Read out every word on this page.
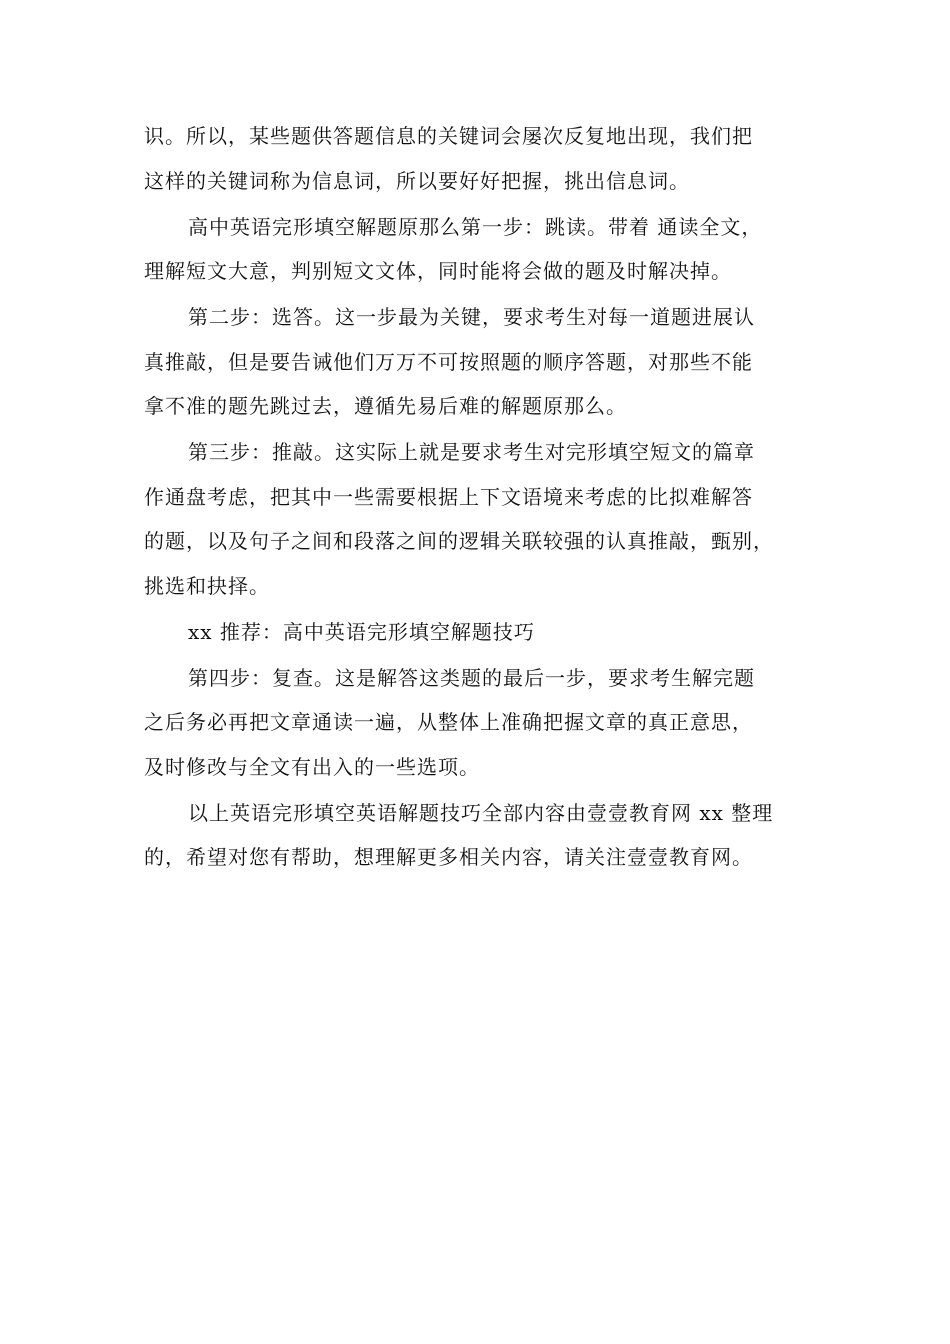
识。所以，某些题供答题信息的关键词会屡次反复地出现，我们把
这样的关键词称为信息词，所以要好好把握，挑出信息词。

高中英语完形填空解题原那么第一步：跳读。带着 通读全文，
理解短文大意，判别短文文体，同时能将会做的题及时解决掉。

第二步：选答。这一步最为关键，要求考生对每一道题进展认
真推敲，但是要告诫他们万万不可按照题的顺序答题，对那些不能
拿不准的题先跳过去，遵循先易后难的解题原那么。

第三步：推敲。这实际上就是要求考生对完形填空短文的篇章
作通盘考虑，把其中一些需要根据上下文语境来考虑的比拟难解答
的题，以及句子之间和段落之间的逻辑关联较强的认真推敲，甄别，
挑选和抉择。

xx 推荐：高中英语完形填空解题技巧

第四步：复查。这是解答这类题的最后一步，要求考生解完题
之后务必再把文章通读一遍，从整体上准确把握文章的真正意思，
及时修改与全文有出入的一些选项。

以上英语完形填空英语解题技巧全部内容由壹壹教育网 xx 整理
的，希望对您有帮助，想理解更多相关内容，请关注壹壹教育网。
